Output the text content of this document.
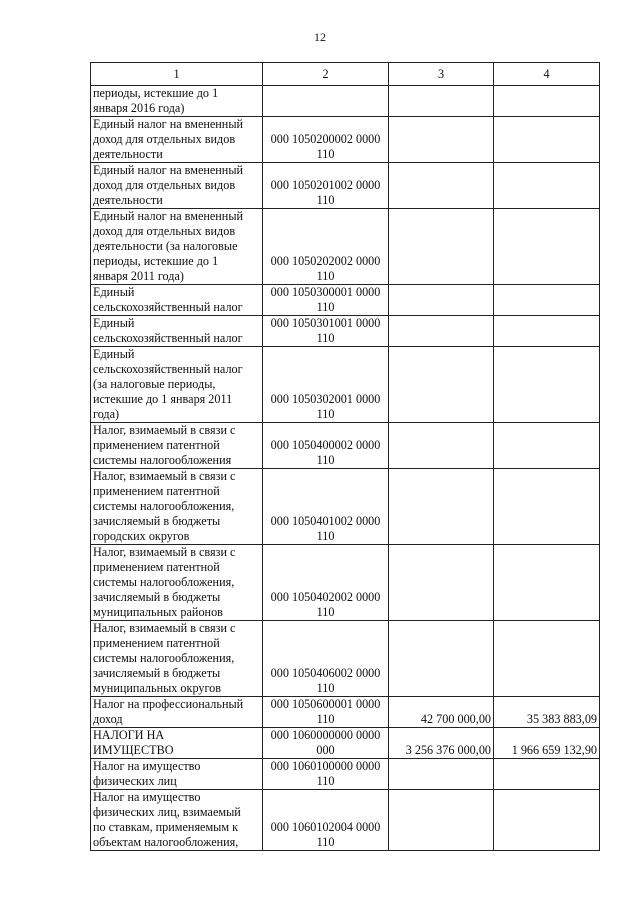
12
1	2	3	4

периоды, истекшие до 1
января 2016 года)			

Единый налог на вмененный
доход для отдельных видов
деятельности	000 1050200002 0000
110		

Единый налог на вмененный
доход для отдельных видов
деятельности	000 1050201002 0000
110		

Единый налог на вмененный
доход для отдельных видов
деятельности (за налоговые
периоды, истекшие до 1
января 2011 года)	000 1050202002 0000
110		

Единый
сельскохозяйственный налог	000 1050300001 0000
110		

Единый
сельскохозяйственный налог	000 1050301001 0000
110		

Единый
сельскохозяйственный налог
(за налоговые периоды,
истекшие до 1 января 2011
года)	000 1050302001 0000
110		

Налог, взимаемый в связи с
применением патентной
системы налогообложения	000 1050400002 0000
110		

Налог, взимаемый в связи с
применением патентной
системы налогообложения,
зачисляемый в бюджеты
городских округов	000 1050401002 0000
110		

Налог, взимаемый в связи с
применением патентной
системы налогообложения,
зачисляемый в бюджеты
муниципальных районов	000 1050402002 0000
110		

Налог, взимаемый в связи с
применением патентной
системы налогообложения,
зачисляемый в бюджеты
муниципальных округов	000 1050406002 0000
110		

Налог на профессиональный
доход	000 1050600001 0000
110	42 700 000,00	35 383 883,09

НАЛОГИ НА
ИМУЩЕСТВО	000 1060000000 0000
000	3 256 376 000,00	1 966 659 132,90

Налог на имущество
физических лиц	000 1060100000 0000
110		

Налог на имущество
физических лиц, взимаемый
по ставкам, применяемым к
объектам налогообложения,	000 1060102004 0000
110		
